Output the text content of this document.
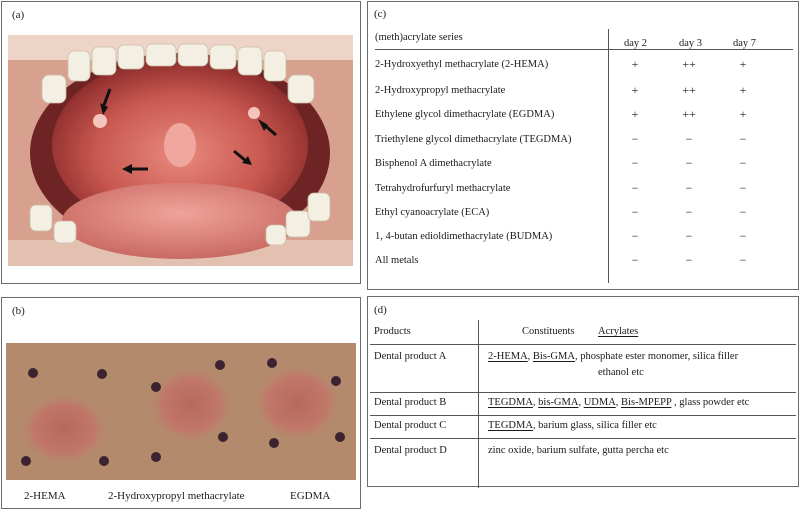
(a)
(b)
2-HEMA	2-Hydroxypropyl methacrylate	EGDMA
(c)
(meth)acrylate series
day 2	day 3	day 7
2-Hydroxyethyl methacrylate (2-HEMA)	+	++	+
2-Hydroxypropyl methacrylate	+	++	+
Ethylene glycol dimethacrylate (EGDMA)	+	++	+
Triethylene glycol dimethacrylate (TEGDMA)	−	−	−
Bisphenol A dimethacrylate	−	−	−
Tetrahydrofurfuryl methacrylate	−	−	−
Ethyl cyanoacrylate (ECA)	−	−	−
1, 4-butan edioldimethacrylate (BUDMA)	−	−	−
All metals	−	−	−
(d)
Products	Constituents Acrylates
Dental product A	2-HEMA, Bis-GMA, phosphate ester monomer, silica filler
ethanol etc
Dental product B	TEGDMA, bis-GMA, UDMA, Bis-MPEPP , glass powder etc
Dental product C	TEGDMA, barium glass, silica filler etc
Dental product D	zinc oxide, barium sulfate, gutta percha etc
